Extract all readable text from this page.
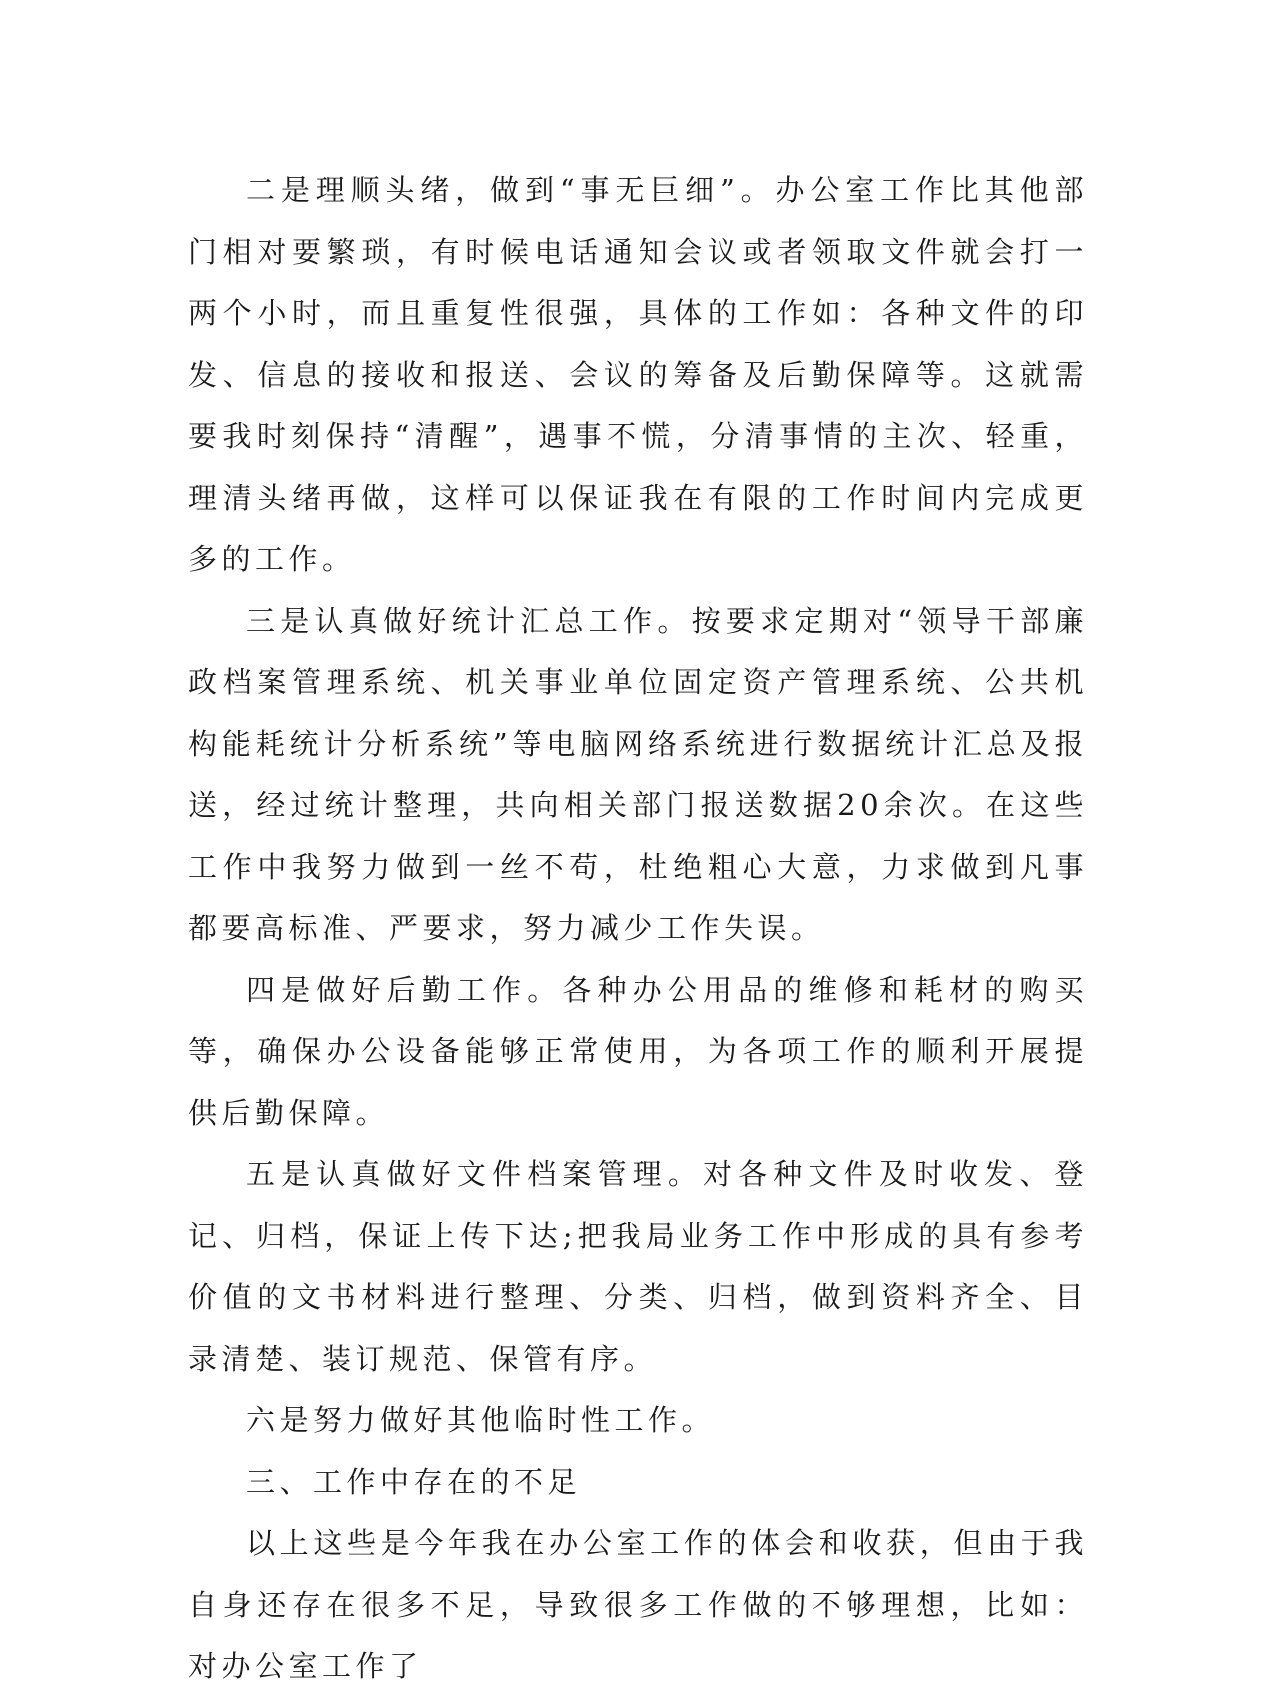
二是理顺头绪，做到“事无巨细”。办公室工作比其他部门相对要繁琐，有时候电话通知会议或者领取文件就会打一两个小时，而且重复性很强，具体的工作如：各种文件的印发、信息的接收和报送、会议的筹备及后勤保障等。这就需要我时刻保持“清醒”，遇事不慌，分清事情的主次、轻重，理清头绪再做，这样可以保证我在有限的工作时间内完成更多的工作。

三是认真做好统计汇总工作。按要求定期对“领导干部廉政档案管理系统、机关事业单位固定资产管理系统、公共机构能耗统计分析系统”等电脑网络系统进行数据统计汇总及报送，经过统计整理，共向相关部门报送数据20余次。在这些工作中我努力做到一丝不苟，杜绝粗心大意，力求做到凡事都要高标准、严要求，努力减少工作失误。

四是做好后勤工作。各种办公用品的维修和耗材的购买等，确保办公设备能够正常使用，为各项工作的顺利开展提供后勤保障。

五是认真做好文件档案管理。对各种文件及时收发、登记、归档，保证上传下达;把我局业务工作中形成的具有参考价值的文书材料进行整理、分类、归档，做到资料齐全、目录清楚、装订规范、保管有序。

六是努力做好其他临时性工作。

三、工作中存在的不足

以上这些是今年我在办公室工作的体会和收获，但由于我自身还存在很多不足，导致很多工作做的不够理想，比如：对办公室工作了
